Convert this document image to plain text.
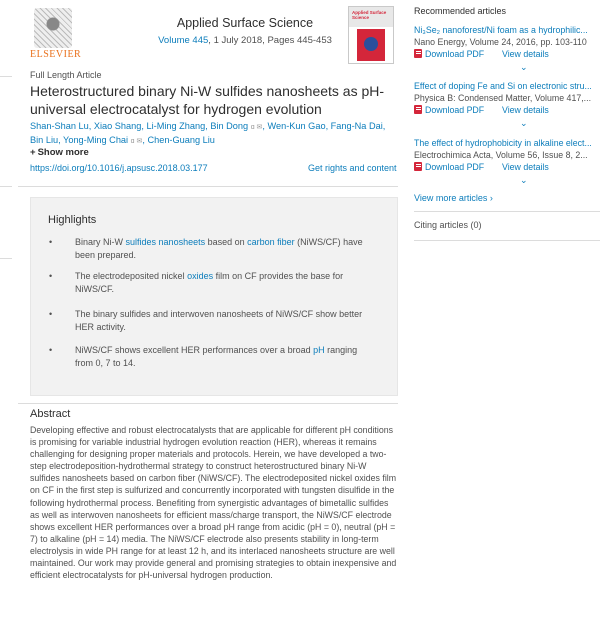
ELSEVIER
Applied Surface Science
Volume 445, 1 July 2018, Pages 445-453
Applied Surface Science
Full Length Article
Heterostructured binary Ni-W sulfides nanosheets as pH-universal electrocatalyst for hydrogen evolution
Shan-Shan Lu, Xiao Shang, Li-Ming Zhang, Bin Dong ɑ ✉, Wen-Kun Gao, Fang-Na Dai, Bin Liu, Yong-Ming Chai ɑ ✉, Chen-Guang Liu
+ Show more
https://doi.org/10.1016/j.apsusc.2018.03.177	Get rights and content
Highlights
•	Binary Ni-W sulfides nanosheets based on carbon fiber (NiWS/CF) have been prepared.
•	The electrodeposited nickel oxides film on CF provides the base for NiWS/CF.
•	The binary sulfides and interwoven nanosheets of NiWS/CF show better HER activity.
•	NiWS/CF shows excellent HER performances over a broad pH ranging from 0, 7 to 14.
Abstract

Developing effective and robust electrocatalysts that are applicable for different pH conditions is promising for variable industrial hydrogen evolution reaction (HER), whereas it remains challenging for designing proper materials and protocols. Herein, we have developed a two-step electrodeposition-hydrothermal strategy to construct heterostructured binary Ni-W sulfides nanosheets based on carbon fiber (NiWS/CF). The electrodeposited nickel oxides film on CF in the first step is sulfurized and concurrently incorporated with tungsten disulfide in the following hydrothermal process. Benefiting from synergistic advantages of bimetallic sulfides as well as interwoven nanosheets for efficient mass/charge transport, the NiWS/CF electrode shows excellent HER performances over a broad pH range from acidic (pH = 0), neutral (pH = 7) to alkaline (pH = 14) media. The NiWS/CF electrode also presents stability in long-term electrolysis in wide PH range for at least 12 h, and its interlaced nanosheets structure are well maintained. Our work may provide general and promising strategies to obtain inexpensive and efficient electrocatalysts for pH-universal hydrogen production.

Recommended articles
Ni₃Se₂ nanoforest/Ni foam as a hydrophilic...
Nano Energy, Volume 24, 2016, pp. 103-110
Download PDF View details
⌄
Effect of doping Fe and Si on electronic stru...
Physica B: Condensed Matter, Volume 417,...
Download PDF View details
⌄
The effect of hydrophobicity in alkaline elect...
Electrochimica Acta, Volume 56, Issue 8, 2...
Download PDF View details
⌄
View more articles ›
Citing articles (0)
